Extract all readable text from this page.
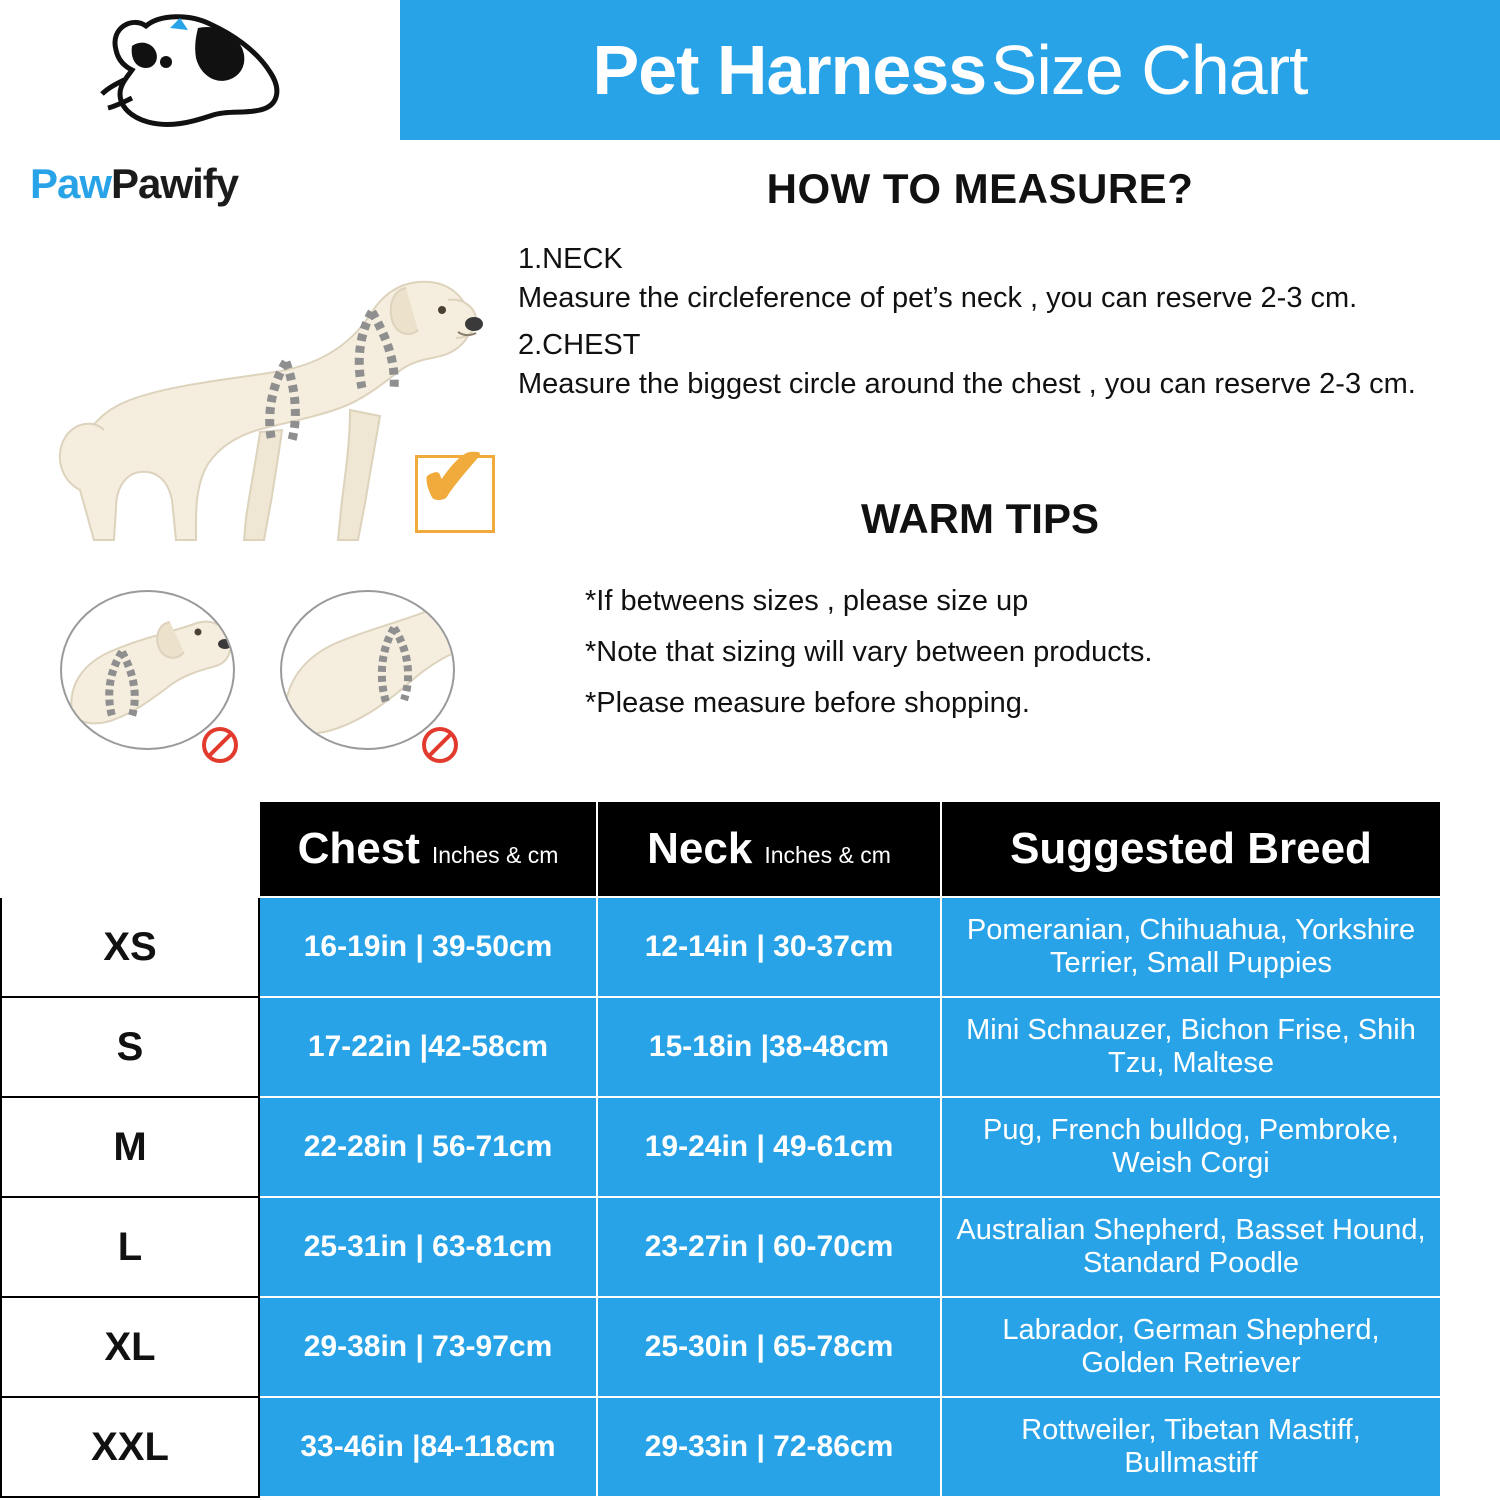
Pet Harness Size Chart
PawPawify	HOW TO MEASURE?
1.NECK
Measure the circleference of pet’s neck , you can reserve 2-3 cm.
2.CHEST
Measure the biggest circle around the chest , you can reserve 2-3 cm.
WARM TIPS
*If betweens sizes , please size up
*Note that sizing will vary between products.
*Please measure before shopping.
✔

	Chest Inches & cm	Neck Inches & cm	Suggested Breed

XS	16-19in | 39-50cm	12-14in | 30-37cm	Pomeranian, Chihuahua, Yorkshire Terrier, Small Puppies
S	17-22in |42-58cm	15-18in |38-48cm	Mini Schnauzer, Bichon Frise, Shih Tzu, Maltese
M	22-28in | 56-71cm	19-24in | 49-61cm	Pug, French bulldog, Pembroke, Weish Corgi
L	25-31in | 63-81cm	23-27in | 60-70cm	Australian Shepherd, Basset Hound, Standard Poodle
XL	29-38in | 73-97cm	25-30in | 65-78cm	Labrador, German Shepherd, Golden Retriever
XXL	33-46in |84-118cm	29-33in | 72-86cm	Rottweiler, Tibetan Mastiff, Bullmastiff
